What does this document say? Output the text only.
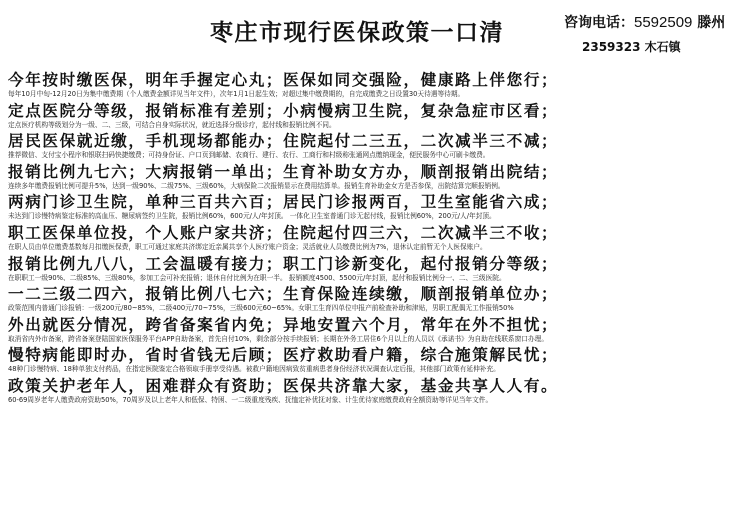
枣庄市现行医保政策一口清	咨询电话：5592509 滕州
2359323 木石镇
今年按时缴医保，明年手握定心丸；医保如同交强险，健康路上伴您行；
每年10月中旬-12月20日为集中缴费期（个人缴费金额详见当年文件），次年1月1日起生效；对超过集中缴费期的，自完成缴费之日设置30天待遇等待期。
定点医院分等级，报销标准有差别；小病慢病卫生院，复杂急症市区看；
定点医疗机构等级划分为一级、二、三级，可结合自身实际状况，就近选择分级诊疗，起付线和报销比例不同。
居民医保就近缴，手机现场都能办；住院起付二三五，二次减半三不减；
推荐微信、支付宝小程序和银联扫码快捷缴费；可持身份证、户口页到邮储、农商行、建行、农行、工商行和村级称张通网点缴纳现金，便民服务中心可刷卡缴费。
报销比例九七六；大病报销一单出；生育补助女方办，顺剖报销出院结；
连续多年缴费报销比例可提升5%，达到一级90%、二级75%、三级60%，大病保险二次报销显示在费用结算单。报销生育补助金女方是否参保，出院结算完顺报销例。
两病门诊卫生院，单种三百共六百；居民门诊报两百，卫生室能省六成；
未达到门诊慢特病鉴定标准的高血压、糖尿病签约卫生院，报销比例60%，600元/人/年封顶。 一体化卫生室普通门诊无起付线，报销比例60%，200元/人/年封顶。
职工医保单位投，个人账户家共济；住院起付四三六，二次减半三不收；
在职人员由单位缴费基数每月扣缴医保费，职工可通过家庭共济绑定近亲属共享个人医疗账户资金；灵活就业人员缴费比例为7%，退休认定前暂无个人医保账户。
报销比例九八八，工会温暖有接力；职工门诊新变化，起付报销分等级；
在职职工一级90%、二级85%、三级80%，参加工会可补充报销；退休自付比例为在职一半。 报销额度4500、5500元/年封顶，起付和报销比例分一、二、三级医院。
一二三级二四六，报销比例八七六；生育保险连续缴，顺剖报销单位办；
政策范围内普通门诊报销：一级200元/80~85%，二级400元/70~75%，三级600元60~65%。女职工生育四单位申报产前检查补助和津贴，男职工配偶无工作报销50%
外出就医分情况，跨省备案省内免；异地安置六个月，常年在外不担忧；
取消省内外市备案，跨省备案登陆国家医保服务平台APP自助备案，首先自付10%，剩余部分按手续报销；长期在外务工居住6个月以上的人员以《承诺书》为自助在线联系窗口办理。
慢特病能即时办，省时省钱无后顾；医疗救助看户籍，综合施策解民忧；
48种门诊慢特病、18种单独支付药品，在指定医院鉴定合格领取手册享受待遇。被救户籍地因病致贫重病患者身份经济状况调查认定后报，其他部门政策有延伸补充。
政策关护老年人，困难群众有资助；医保共济靠大家，基金共享人人有。
60-69周岁老年人缴费政府资助50%，70周岁及以上老年人和低保、特困、一二级重度残疾、抚恤定补优抚对象、计生优待家庭缴费政府全额资助等详见当年文件。
